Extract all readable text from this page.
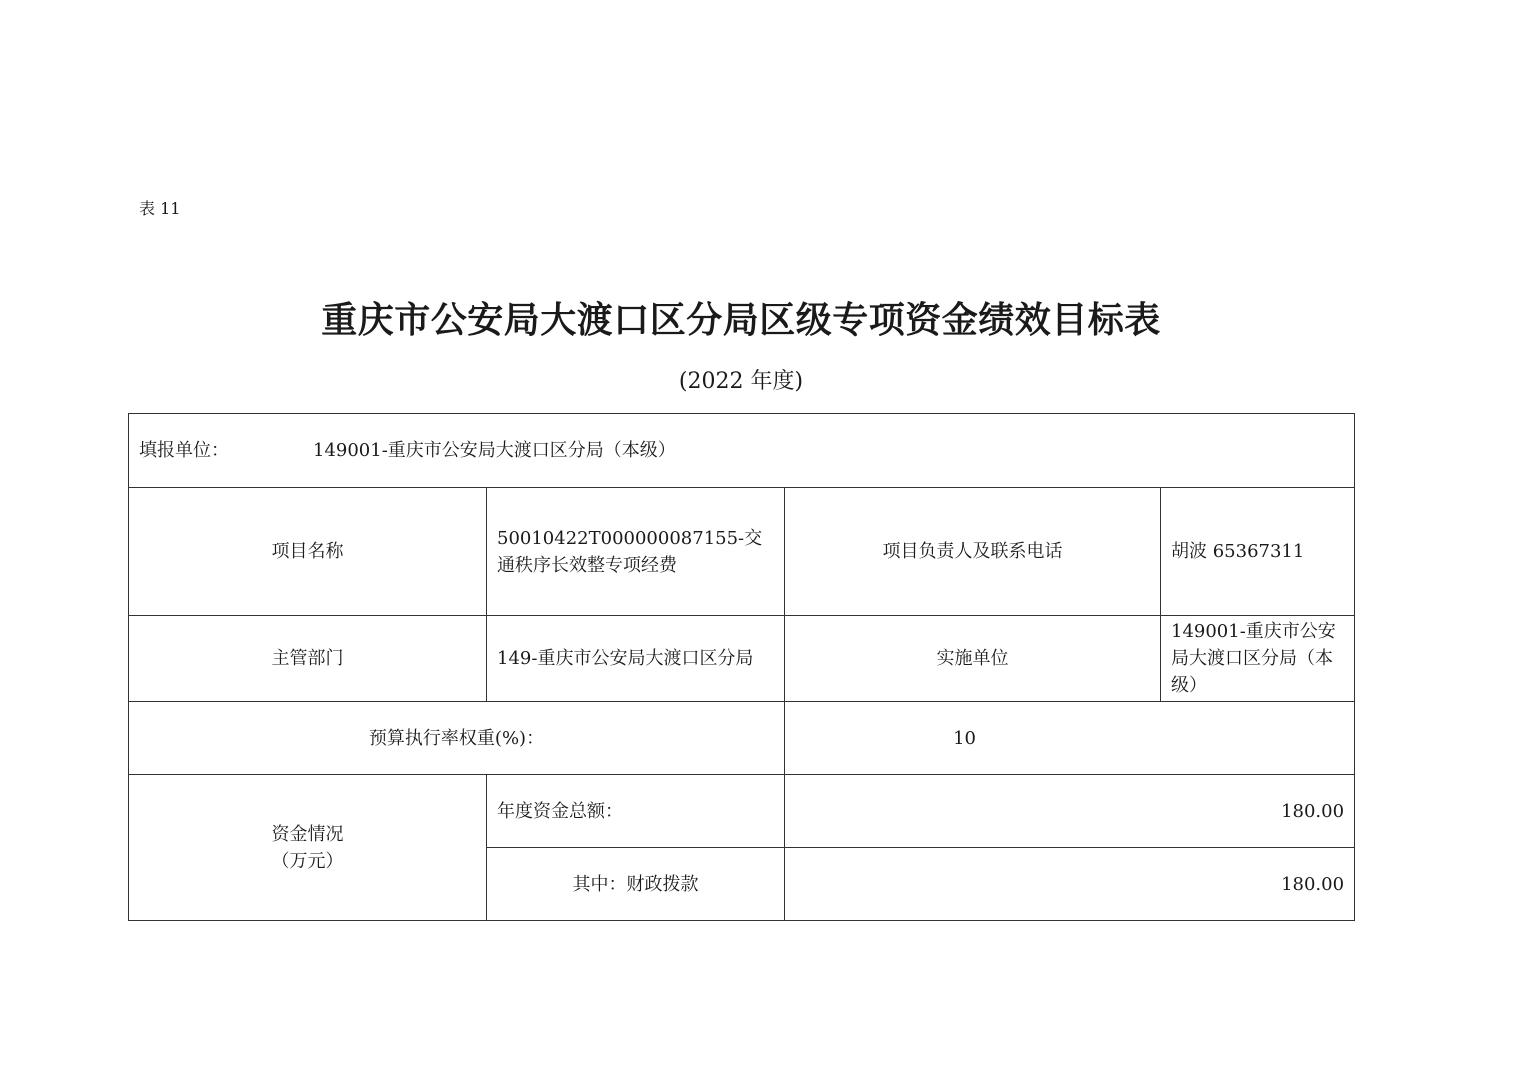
表 11
重庆市公安局大渡口区分局区级专项资金绩效目标表
(2022 年度)
填报单位： 149001-重庆市公安局大渡口区分局（本级）			
项目名称	50010422T000000087155-交通秩序长效整专项经费	项目负责人及联系电话	胡波 65367311
主管部门	149-重庆市公安局大渡口区分局	实施单位	149001-重庆市公安局大渡口区分局（本级）
预算执行率权重(%)：		10	

资金情况
（万元）	年度资金总额：	180.00	
	其中：财政拨款	180.00	
